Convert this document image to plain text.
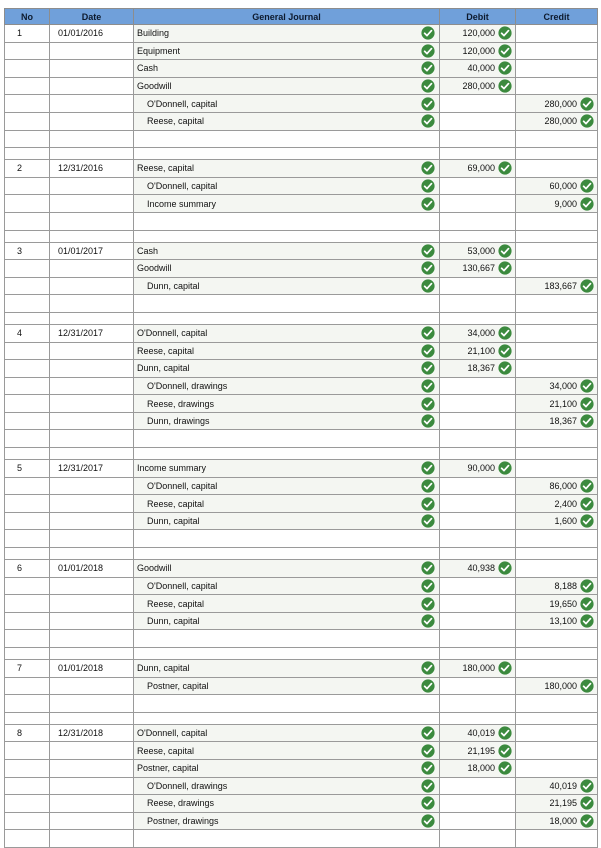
No	Date	General Journal	Debit	Credit
1	01/01/2016	Building	120,000

		Equipment	120,000

		Cash	40,000

		Goodwill	280,000

		O'Donnell, capital		280,000

		Reese, capital		280,000

2	12/31/2016	Reese, capital	69,000

		O'Donnell, capital		60,000

		Income summary		9,000

3	01/01/2017	Cash	53,000

		Goodwill	130,667

		Dunn, capital		183,667

4	12/31/2017	O'Donnell, capital	34,000

		Reese, capital	21,100

		Dunn, capital	18,367

		O'Donnell, drawings		34,000

		Reese, drawings		21,100

		Dunn, drawings		18,367

5	12/31/2017	Income summary	90,000

		O'Donnell, capital		86,000

		Reese, capital		2,400

		Dunn, capital		1,600

6	01/01/2018	Goodwill	40,938

		O'Donnell, capital		8,188

		Reese, capital		19,650

		Dunn, capital		13,100

7	01/01/2018	Dunn, capital	180,000

		Postner, capital		180,000

8	12/31/2018	O'Donnell, capital	40,019

		Reese, capital	21,195

		Postner, capital	18,000

		O'Donnell, drawings		40,019

		Reese, drawings		21,195

		Postner, drawings		18,000
